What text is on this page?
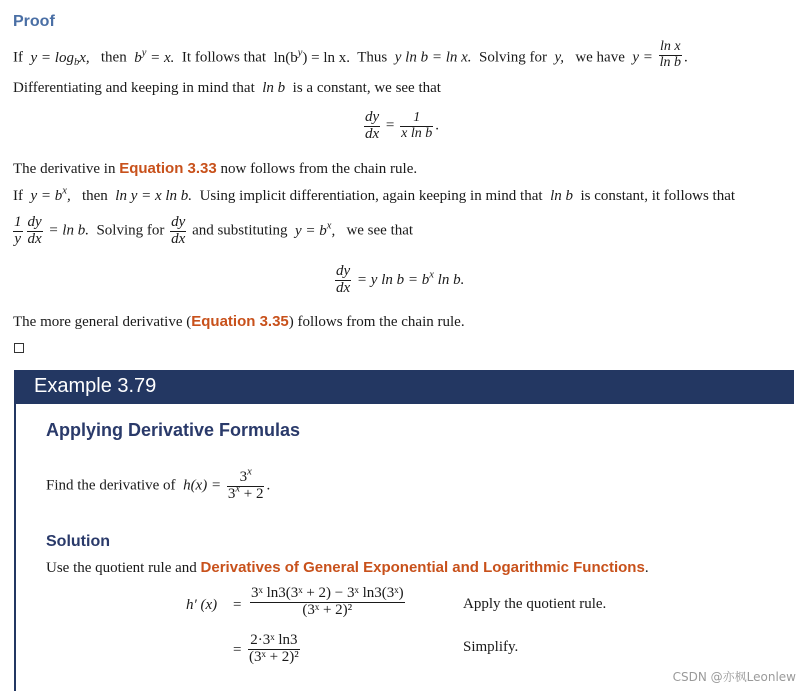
Proof
If $y = \log_bx$, then $b^y = x$. It follows that $\ln(b^y) = \ln x$. Thus y ln b = ln x. Solving for y, we have $y = \frac{\text{ln x}}{\text{ln b}}$ .
Differentiating and keeping in mind that ln b is a constant, we see that
$\frac{dy}{dx} = \frac{1}{\text{x ln b}}$ .
The derivative in Equation 3.33 now follows from the chain rule.
If $y = b^x$, then ln y = x ln b. Using implicit differentiation, again keeping in mind that ln b is constant, it follows that
$\frac{1}{y} \frac{dy}{dx} = \ln b$. Solving for $\frac{dy}{dx}$ and substituting $y = b^x$, we see that
$\frac{dy}{dx} = y$ $\ln b = b^x$ ln b.
The more general derivative (Equation 3.35) follows from the chain rule.
Example 3.79
Applying Derivative Formulas
Find the derivative of $h(x) = \frac{3^x}{3^x + 2}$ .
Solution
Use the quotient rule and Derivatives of General Exponential and Logarithmic Functions.
h′ $(x) = \frac{\text{3ˣ ln3(3ˣ + 2) − 3ˣ ln3(3ˣ)}}{\text{(3ˣ + 2)²}}$	Apply the quotient rule.
= $\frac{\text{2·3ˣ ln3}}{\text{(3ˣ + 2)²}}$	Simplify.
CSDN @亦枫Leonlew
